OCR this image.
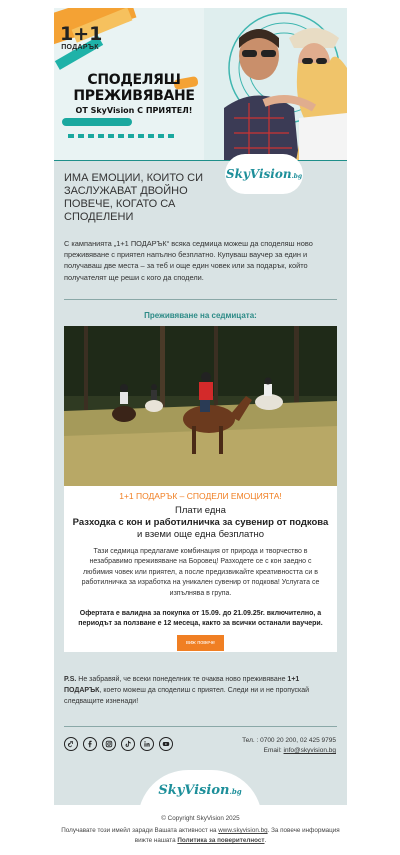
1+1
ПОДАРЪК
СПОДЕЛЯШ
ПРЕЖИВЯВАНЕ
ОТ SkyVision С ПРИЯТЕЛ!
SkyVision.bg
ИМА ЕМОЦИИ, КОИТО СИ ЗАСЛУЖАВАТ ДВОЙНО ПОВЕЧЕ, КОГАТО СА СПОДЕЛЕНИ
С кампанията „1+1 ПОДАРЪК“ всяка седмица можеш да споделяш ново преживяване с приятел напълно безплатно. Купуваш ваучер за един и получаваш две места – за теб и още един човек или за подарък, който получателят ще реши с кого да сподели.
Преживяване на седмицата:
1+1 ПОДАРЪК – СПОДЕЛИ ЕМОЦИЯТА!
Плати една
Разходка с кон и работилничка за сувенир от подкова
и вземи още една безплатно
Тази седмица предлагаме комбинация от природа и творчество в незабравимо преживяване на Боровец! Разходете се с кон заедно с любимия човек или приятел, а после предизвикайте креативността си в работилничка за изработка на уникален сувенир от подкова! Услугата се изпълнява в група.
Офертата е валидна за покупка от 15.09. до 21.09.25г. включително, а периодът за ползване е 12 месеца, както за всички останали ваучери.
виж повече
P.S. Не забравяй, че всеки понеделник те очаква ново преживяване 1+1 ПОДАРЪК, което можеш да споделиш с приятел. Следи ни и не пропускай следващите изненади!
Тел. : 0700 20 200, 02 425 9795
Email: info@skyvision.bg
SkyVision.bg
© Copyright SkyVision 2025
Получавате този имейл заради Вашата активност на www.skyvision.bg. За повече информация вижте нашата Политика за поверителност.
